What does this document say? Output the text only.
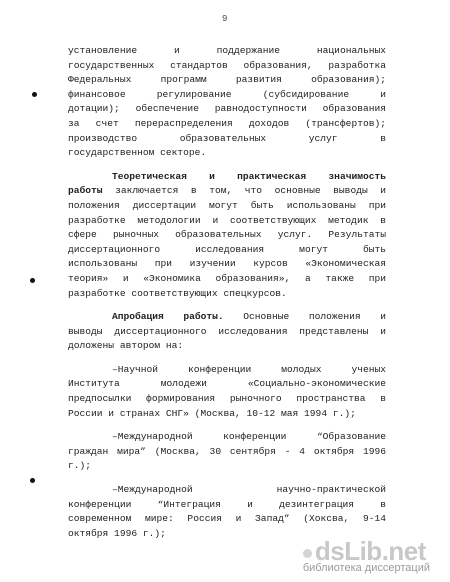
9
установление и поддержание национальных
государственных стандартов образования, разработка
Федеральных программ развития образования);
финансовое регулирование (субсидирование и
дотации); обеспечение равнодоступности образования
за счет перераспределения доходов (трансфертов);
производство образовательных услуг в
государственном секторе.
Теоретическая и практическая значимость
работы заключается в том, что основные выводы и
положения диссертации могут быть использованы при
разработке методологии и соответствующих методик в
сфере рыночных образовательных услуг. Результаты
диссертационного исследования могут быть
использованы при изучении курсов «Экономическая
теория» и «Экономика образования», а также при
разработке соответствующих спецкурсов.
Апробация работы. Основные положения и
выводы диссертационного исследования представлены и
доложены автором на:
–Научной конференции молодых ученых
Института молодежи «Социально-экономические
предпосылки формирования рыночного пространства в
России и странах СНГ» (Москва, 10-12 мая 1994 г.);
–Международной конференции “Образование
граждан мира” (Москва, 30 сентября - 4 октября 1996
г.);
–Международной научно-практической
конференции “Интеграция и дезинтеграция в
современном мире: Россия и Запад” (Хоксва, 9-14
октября 1996 г.);
dsLib.net
библиотека диссертаций
